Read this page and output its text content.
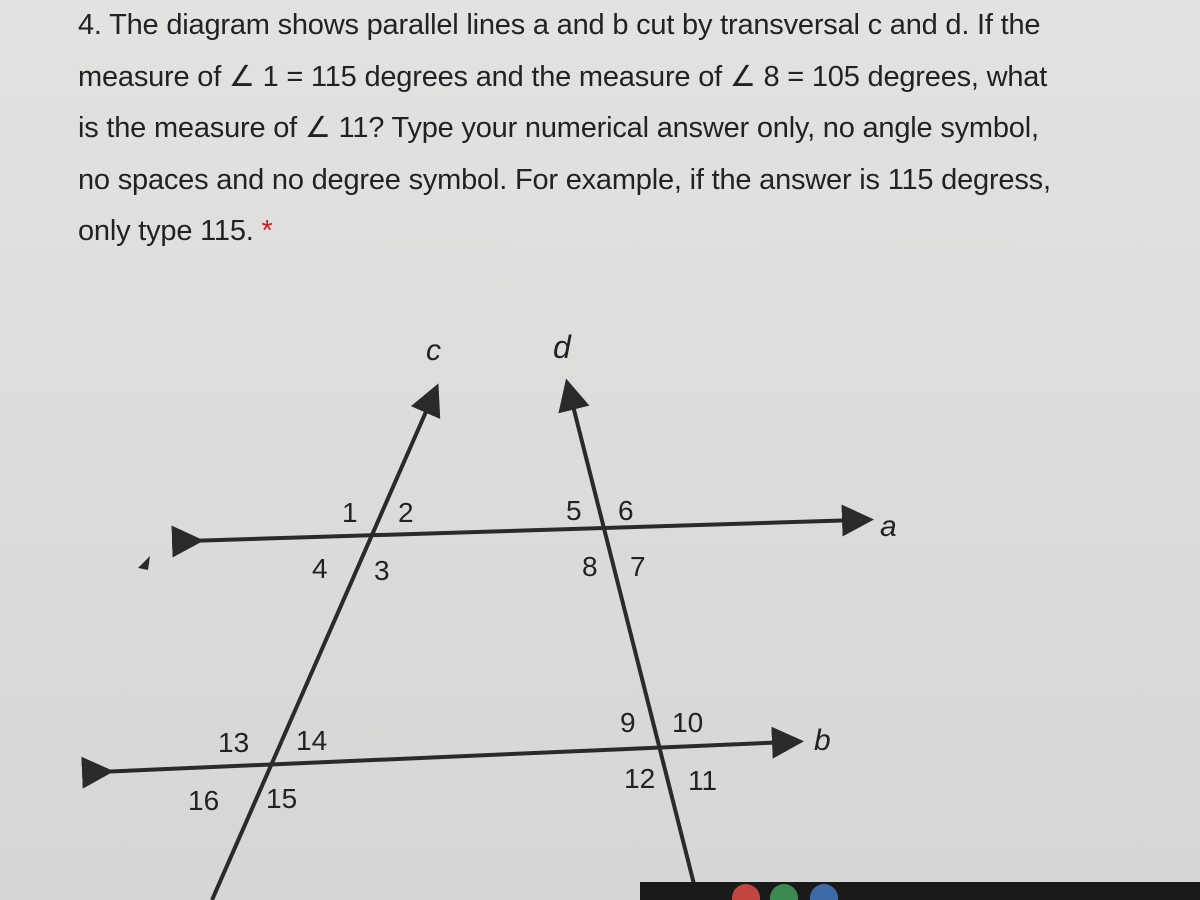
4. The diagram shows parallel lines a and b cut by transversal c and d. If the
measure of ∠ 1 = 115 degrees and the measure of ∠ 8 = 105 degrees, what
is the measure of ∠ 11? Type your numerical answer only, no angle symbol,
no spaces and no degree symbol. For example, if the answer is 115 degress,
only type 115. *
c	d
a
b
1 2
4 3
5 6
8 7
13 14
16 15
9 10
12 11
